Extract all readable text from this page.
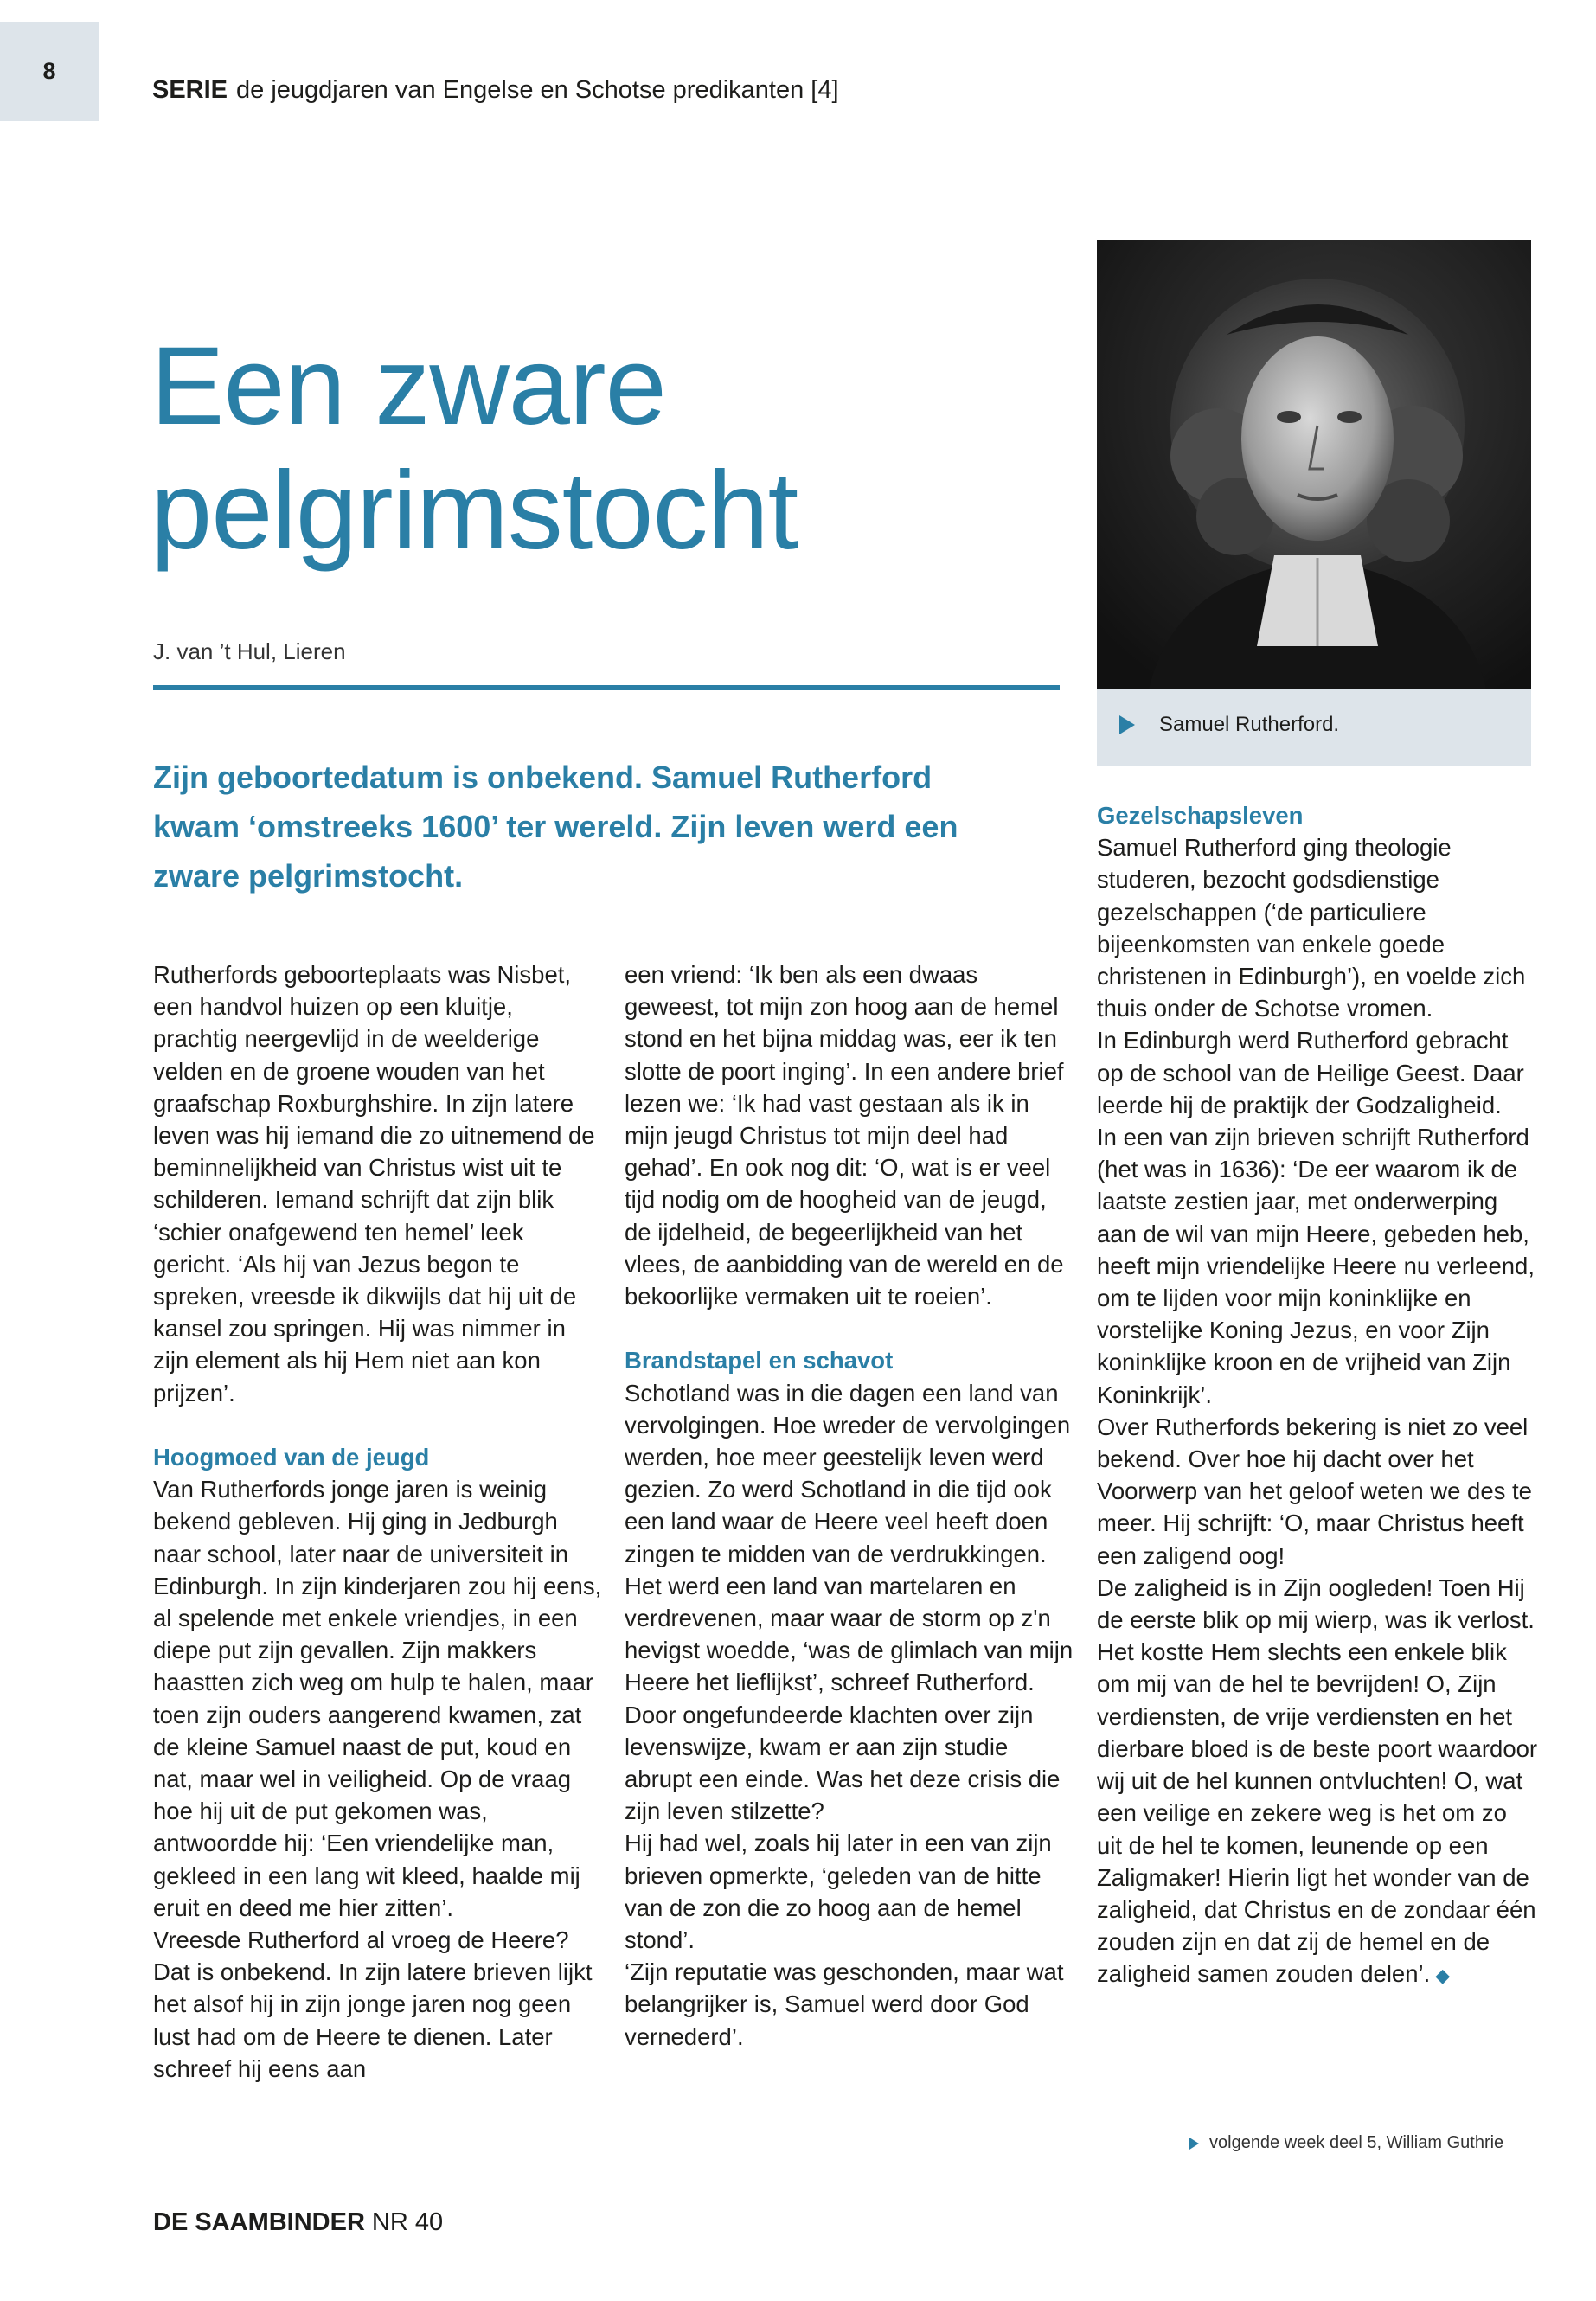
8
SERIE de jeugdjaren van Engelse en Schotse predikanten [4]
Een zware
pelgrimstocht
J. van ’t Hul, Lieren
Zijn geboortedatum is onbekend. Samuel Rutherford kwam ‘omstreeks 1600’ ter wereld. Zijn leven werd een zware pelgrimstocht.
Samuel Rutherford.

Rutherfords geboorteplaats was Nisbet, een handvol huizen op een kluitje, prachtig neergevlijd in de weelderige velden en de groene wouden van het graafschap Roxburghshire. In zijn latere leven was hij iemand die zo uitnemend de beminnelijkheid van Christus wist uit te schilderen. Iemand schrijft dat zijn blik ‘schier onafgewend ten hemel’ leek gericht. ‘Als hij van Jezus begon te spreken, vreesde ik dikwijls dat hij uit de kansel zou springen. Hij was nimmer in zijn element als hij Hem niet aan kon prijzen’.

Hoogmoed van de jeugd

Van Rutherfords jonge jaren is weinig bekend gebleven. Hij ging in Jedburgh naar school, later naar de universiteit in Edinburgh. In zijn kinderjaren zou hij eens, al spelende met enkele vriendjes, in een diepe put zijn gevallen. Zijn makkers haastten zich weg om hulp te halen, maar toen zijn ouders aangerend kwamen, zat de kleine Samuel naast de put, koud en nat, maar wel in veiligheid. Op de vraag hoe hij uit de put gekomen was, antwoordde hij: ‘Een vriendelijke man, gekleed in een lang wit kleed, haalde mij eruit en deed me hier zitten’.

Vreesde Rutherford al vroeg de Heere? Dat is onbekend. In zijn latere brieven lijkt het alsof hij in zijn jonge jaren nog geen lust had om de Heere te dienen. Later schreef hij eens aan

een vriend: ‘Ik ben als een dwaas geweest, tot mijn zon hoog aan de hemel stond en het bijna middag was, eer ik ten slotte de poort inging’. In een andere brief lezen we: ‘Ik had vast gestaan als ik in mijn jeugd Christus tot mijn deel had gehad’. En ook nog dit: ‘O, wat is er veel tijd nodig om de hoogheid van de jeugd, de ijdelheid, de begeerlijkheid van het vlees, de aanbidding van de wereld en de bekoorlijke vermaken uit te roeien’.

Brandstapel en schavot

Schotland was in die dagen een land van vervolgingen. Hoe wreder de vervolgingen werden, hoe meer geestelijk leven werd gezien. Zo werd Schotland in die tijd ook een land waar de Heere veel heeft doen zingen te midden van de verdrukkingen. Het werd een land van martelaren en verdrevenen, maar waar de storm op z'n hevigst woedde, ‘was de glimlach van mijn Heere het lieflijkst’, schreef Rutherford.

Door ongefundeerde klachten over zijn levenswijze, kwam er aan zijn studie abrupt een einde. Was het deze crisis die zijn leven stilzette?

Hij had wel, zoals hij later in een van zijn brieven opmerkte, ‘geleden van de hitte van de zon die zo hoog aan de hemel stond’.

‘Zijn reputatie was geschonden, maar wat belangrijker is, Samuel werd door God vernederd’.

Gezelschapsleven

Samuel Rutherford ging theologie studeren, bezocht godsdienstige gezelschappen (‘de particuliere bijeenkomsten van enkele goede christenen in Edinburgh’), en voelde zich thuis onder de Schotse vromen.

In Edinburgh werd Rutherford gebracht op de school van de Heilige Geest. Daar leerde hij de praktijk der Godzaligheid.

In een van zijn brieven schrijft Rutherford (het was in 1636): ‘De eer waarom ik de laatste zestien jaar, met onderwerping aan de wil van mijn Heere, gebeden heb, heeft mijn vriendelijke Heere nu verleend, om te lijden voor mijn koninklijke en vorstelijke Koning Jezus, en voor Zijn koninklijke kroon en de vrijheid van Zijn Koninkrijk’.

Over Rutherfords bekering is niet zo veel bekend. Over hoe hij dacht over het Voorwerp van het geloof weten we des te meer. Hij schrijft: ‘O, maar Christus heeft een zaligend oog!

De zaligheid is in Zijn oogleden! Toen Hij de eerste blik op mij wierp, was ik verlost. Het kostte Hem slechts een enkele blik om mij van de hel te bevrijden! O, Zijn verdiensten, de vrije verdiensten en het dierbare bloed is de beste poort waardoor wij uit de hel kunnen ontvluchten! O, wat een veilige en zekere weg is het om zo uit de hel te komen, leunende op een Zaligmaker! Hierin ligt het wonder van de zaligheid, dat Christus en de zondaar één zouden zijn en dat zij de hemel en de zaligheid samen zouden delen’. ◆

volgende week deel 5, William Guthrie
DE SAAMBINDER NR 40
